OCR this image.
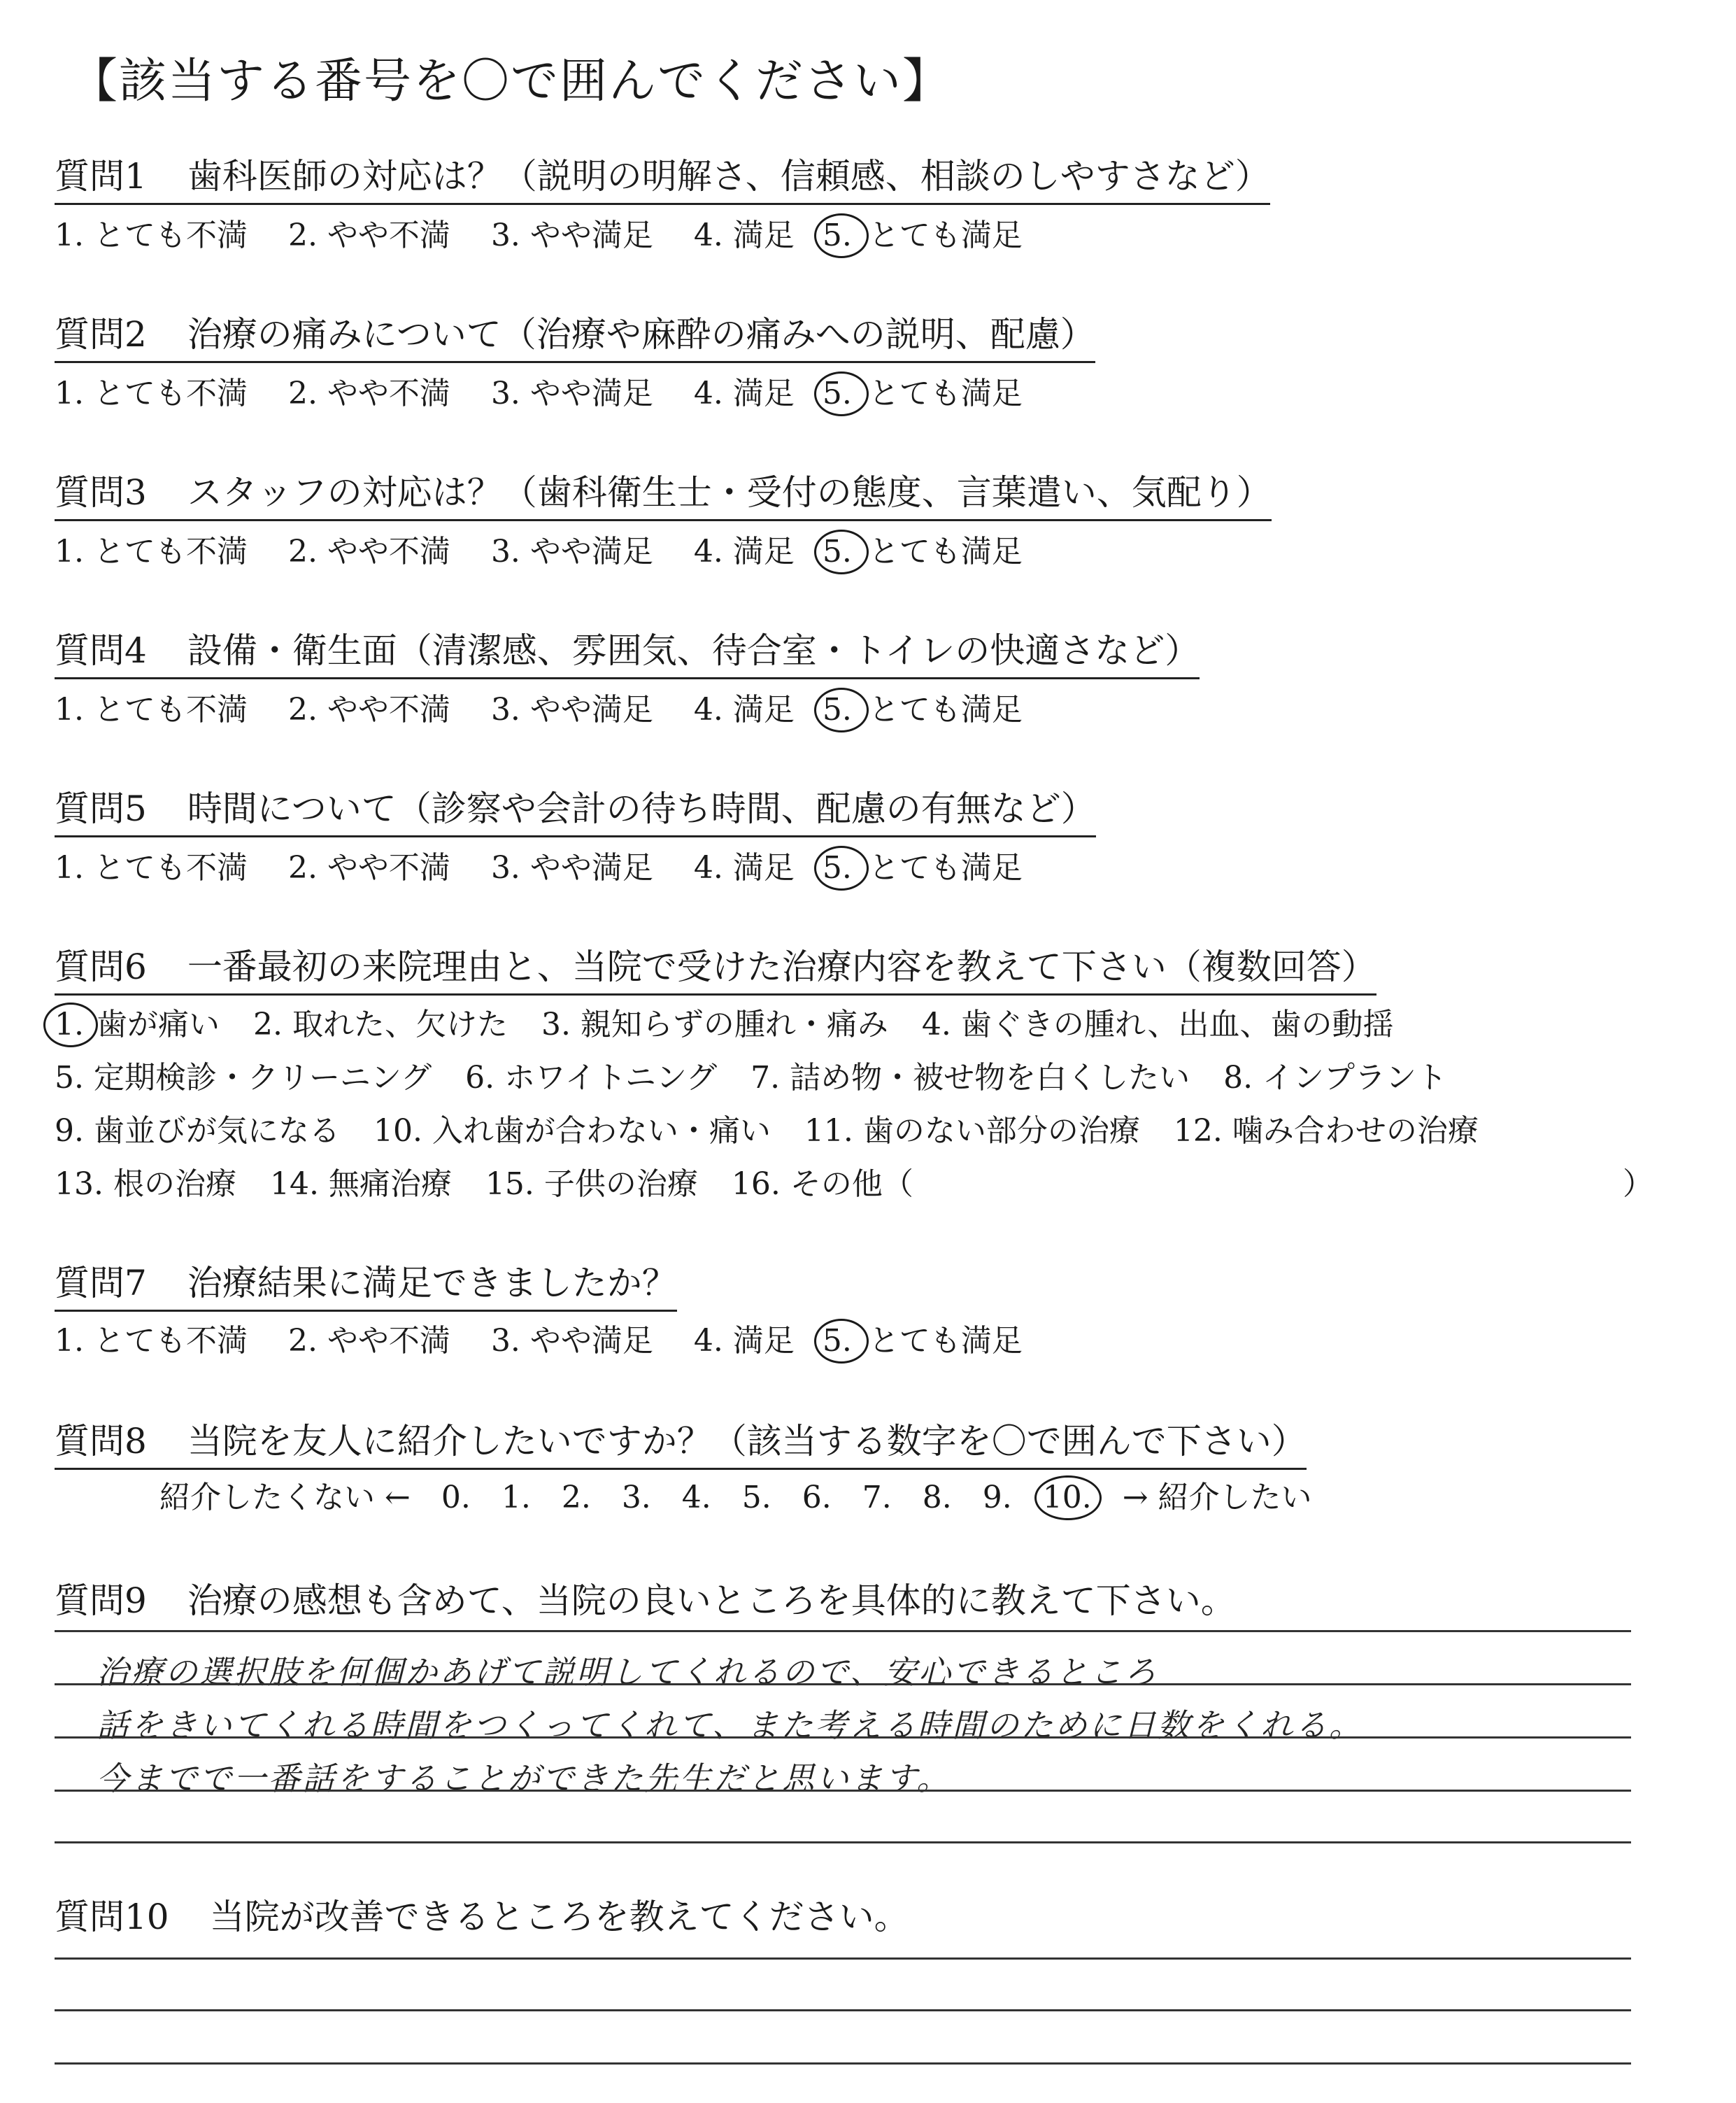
【該当する番号を〇で囲んでください】
質問1 歯科医師の対応は？（説明の明解さ、信頼感、相談のしやすさなど）
1. とても不満 2. やや不満 3. やや満足 4. 満足 5. とても満足
質問2 治療の痛みについて（治療や麻酔の痛みへの説明、配慮）
1. とても不満 2. やや不満 3. やや満足 4. 満足 5. とても満足
質問3 スタッフの対応は？（歯科衛生士・受付の態度、言葉遣い、気配り）
1. とても不満 2. やや不満 3. やや満足 4. 満足 5. とても満足
質問4 設備・衛生面（清潔感、雰囲気、待合室・トイレの快適さなど）
1. とても不満 2. やや不満 3. やや満足 4. 満足 5. とても満足
質問5 時間について（診察や会計の待ち時間、配慮の有無など）
1. とても不満 2. やや不満 3. やや満足 4. 満足 5. とても満足
質問6 一番最初の来院理由と、当院で受けた治療内容を教えて下さい（複数回答）
1. 歯が痛い 2. 取れた、欠けた 3. 親知らずの腫れ・痛み 4. 歯ぐきの腫れ、出血、歯の動揺
5. 定期検診・クリーニング 6. ホワイトニング 7. 詰め物・被せ物を白くしたい 8. インプラント
9. 歯並びが気になる 10. 入れ歯が合わない・痛い 11. 歯のない部分の治療 12. 噛み合わせの治療
13. 根の治療 14. 無痛治療 15. 子供の治療 16. その他（	）
質問7 治療結果に満足できましたか？
1. とても不満 2. やや不満 3. やや満足 4. 満足 5. とても満足
質問8 当院を友人に紹介したいですか？（該当する数字を〇で囲んで下さい）
紹介したくない ← 0. 1. 2. 3. 4. 5. 6. 7. 8. 9. 10. → 紹介したい
質問9 治療の感想も含めて、当院の良いところを具体的に教えて下さい。
治療の選択肢を何個かあげて説明してくれるので、安心できるところ
話をきいてくれる時間をつくってくれて、また考える時間のために日数をくれる。
今までで一番話をすることができた先生だと思います。
質問10 当院が改善できるところを教えてください。
